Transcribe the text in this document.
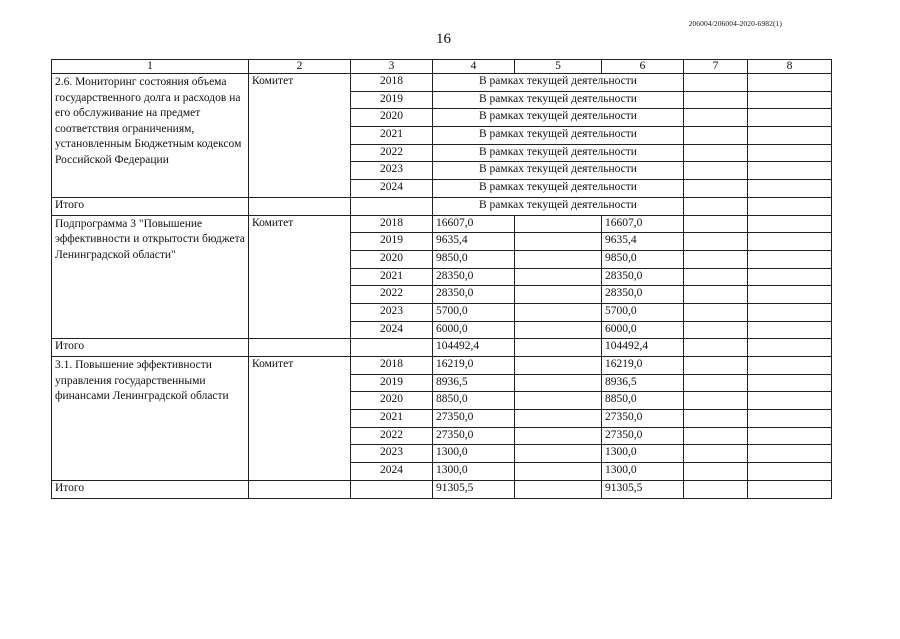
206004/206004-2020-6982(1)
16
1	2	3	4	5	6	7	8
2.6. Мониторинг состояния объема государственного долга и расходов на его обслуживание на предмет соответствия ограничениям, установленным Бюджетным кодексом Российской Федерации	Комитет	2018	В рамках текущей деятельности				
		2019	В рамках текущей деятельности				
		2020	В рамках текущей деятельности				
		2021	В рамках текущей деятельности				
		2022	В рамках текущей деятельности				
		2023	В рамках текущей деятельности				
		2024	В рамках текущей деятельности				
Итого			В рамках текущей деятельности				
Подпрограмма 3 "Повышение эффективности и открытости бюджета Ленинградской области"	Комитет	2018	16607,0		16607,0		
		2019	9635,4		9635,4		
		2020	9850,0		9850,0		
		2021	28350,0		28350,0		
		2022	28350,0		28350,0		
		2023	5700,0		5700,0		
		2024	6000,0		6000,0		
Итого			104492,4		104492,4		
3.1. Повышение эффективности управления государственными финансами Ленинградской области	Комитет	2018	16219,0		16219,0		
		2019	8936,5		8936,5		
		2020	8850,0		8850,0		
		2021	27350,0		27350,0		
		2022	27350,0		27350,0		
		2023	1300,0		1300,0		
		2024	1300,0		1300,0		
Итого			91305,5		91305,5		
